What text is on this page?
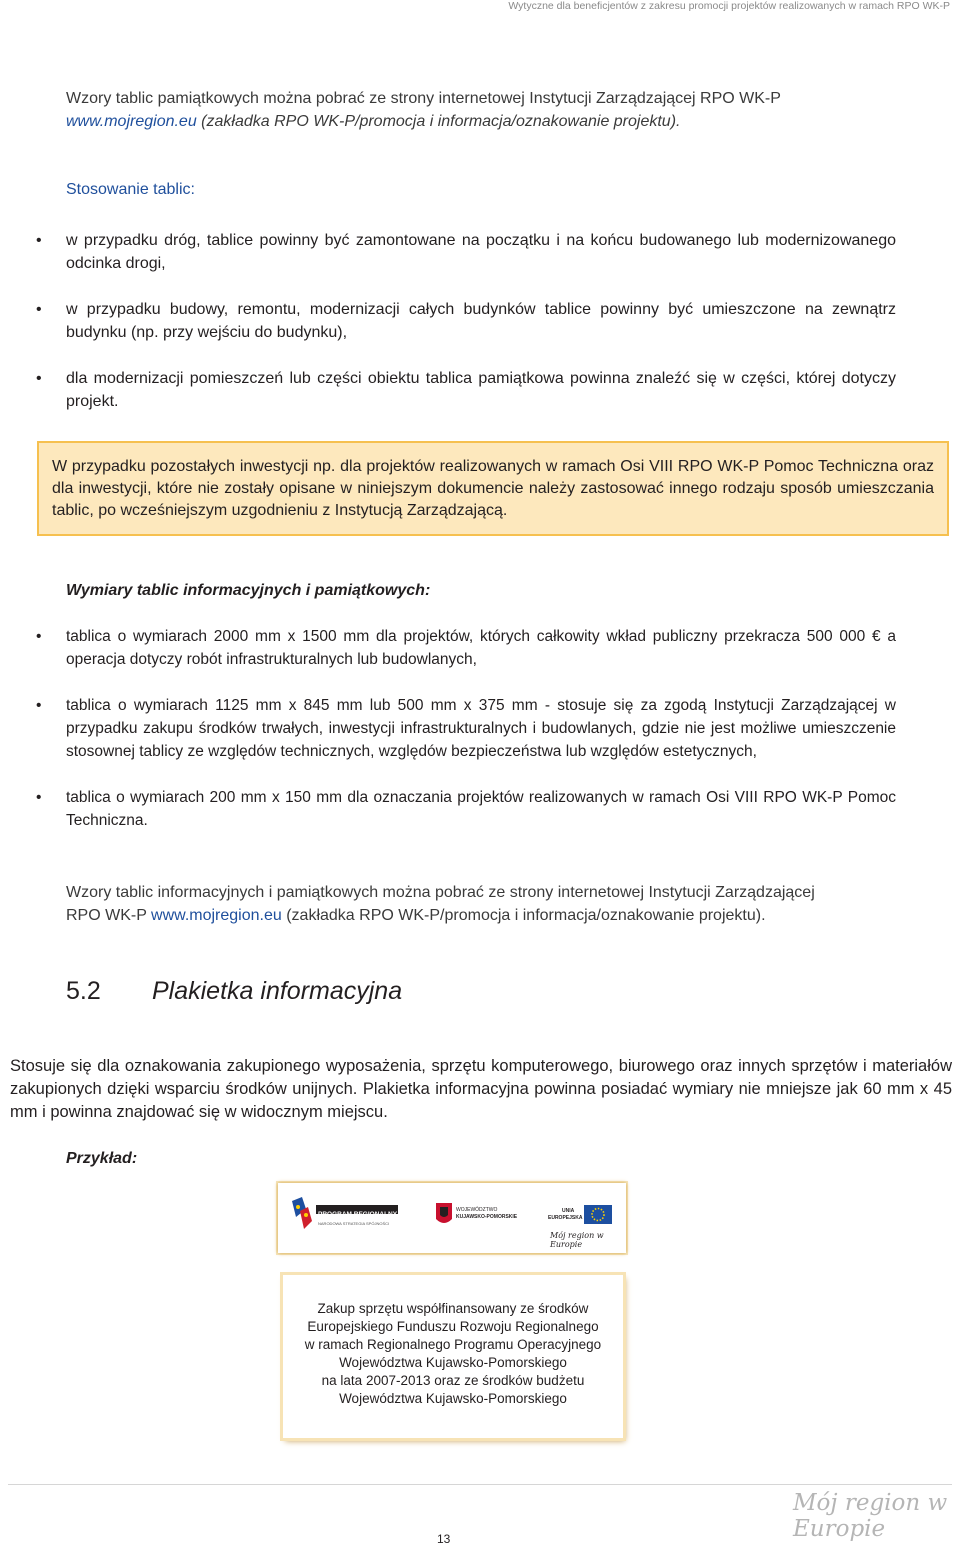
Wytyczne dla beneficjentów z zakresu promocji projektów realizowanych w ramach RPO WK-P
Wzory tablic pamiątkowych można pobrać ze strony internetowej Instytucji Zarządzającej RPO WK-P
www.mojregion.eu (zakładka RPO WK-P/promocja i informacja/oznakowanie projektu).
Stosowanie tablic:
• w przypadku dróg, tablice powinny być zamontowane na początku i na końcu budowanego lub modernizowanego odcinka drogi,
• w przypadku budowy, remontu, modernizacji całych budynków tablice powinny być umieszczone na zewnątrz budynku (np. przy wejściu do budynku),
• dla modernizacji pomieszczeń lub części obiektu tablica pamiątkowa powinna znaleźć się w części, której dotyczy projekt.
W przypadku pozostałych inwestycji np. dla projektów realizowanych w ramach Osi VIII RPO WK-P Pomoc Techniczna oraz dla inwestycji, które nie zostały opisane w niniejszym dokumencie należy zastosować innego rodzaju sposób umieszczania tablic, po wcześniejszym uzgodnieniu z Instytucją Zarządzającą.
Wymiary tablic informacyjnych i pamiątkowych:
• tablica o wymiarach 2000 mm x 1500 mm dla projektów, których całkowity wkład publiczny przekracza 500 000 € a operacja dotyczy robót infrastrukturalnych lub budowlanych,
• tablica o wymiarach 1125 mm x 845 mm lub 500 mm x 375 mm - stosuje się za zgodą Instytucji Zarządzającej w przypadku zakupu środków trwałych, inwestycji infrastrukturalnych i budowlanych, gdzie nie jest możliwe umieszczenie stosownej tablicy ze względów technicznych, względów bezpieczeństwa lub względów estetycznych,
• tablica o wymiarach 200 mm x 150 mm dla oznaczania projektów realizowanych w ramach Osi VIII RPO WK-P Pomoc Techniczna.
Wzory tablic informacyjnych i pamiątkowych można pobrać ze strony internetowej Instytucji Zarządzającej
RPO WK-P www.mojregion.eu (zakładka RPO WK-P/promocja i informacja/oznakowanie projektu).
5.2 Plakietka informacyjna
Stosuje się dla oznakowania zakupionego wyposażenia, sprzętu komputerowego, biurowego oraz innych sprzętów i materiałów zakupionych dzięki wsparciu środków unijnych. Plakietka informacyjna powinna posiadać wymiary nie mniejsze jak 60 mm x 45 mm i powinna znajdować się w widocznym miejscu.
Przykład:
PROGRAM REGIONALNY
NARODOWA STRATEGIA SPÓJNOŚCI
WOJEWÓDZTWO
KUJAWSKO-POMORSKIE
UNIA
EUROPEJSKA
Mój region w Europie
Zakup sprzętu współfinansowany ze środków
Europejskiego Funduszu Rozwoju Regionalnego
w ramach Regionalnego Programu Operacyjnego
Województwa Kujawsko-Pomorskiego
na lata 2007-2013 oraz ze środków budżetu
Województwa Kujawsko-Pomorskiego
Mój region w Europie
13
